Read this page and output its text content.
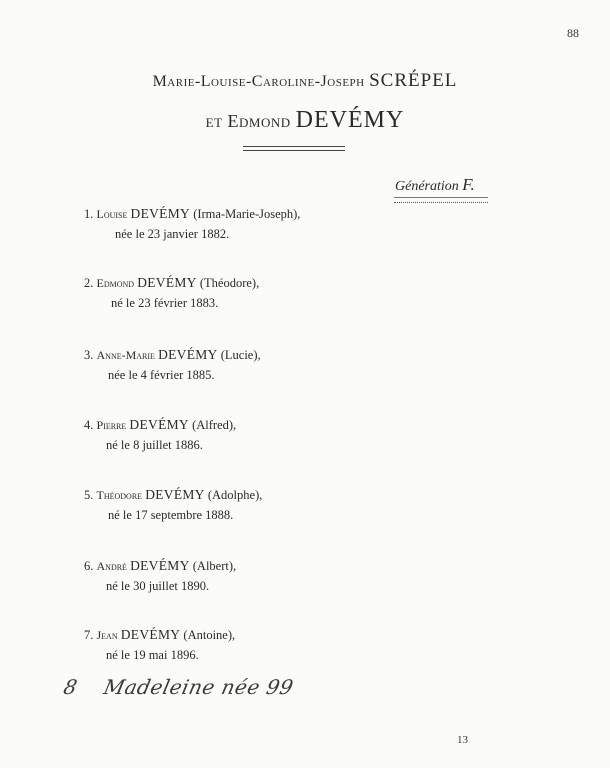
88
Marie-Louise-Caroline-Joseph SCRÉPEL
et Edmond DEVÉMY
Génération F.
1. Louise DEVÉMY (Irma-Marie-Joseph),
née le 23 janvier 1882.
2. Edmond DEVÉMY (Théodore),
né le 23 février 1883.
3. Anne-Marie DEVÉMY (Lucie),
née le 4 février 1885.
4. Pierre DEVÉMY (Alfred),
né le 8 juillet 1886.
5. Théodore DEVÉMY (Adolphe),
né le 17 septembre 1888.
6. André DEVÉMY (Albert),
né le 30 juillet 1890.
7. Jean DEVÉMY (Antoine),
né le 19 mai 1896.
8 Madeleine née 99
13
